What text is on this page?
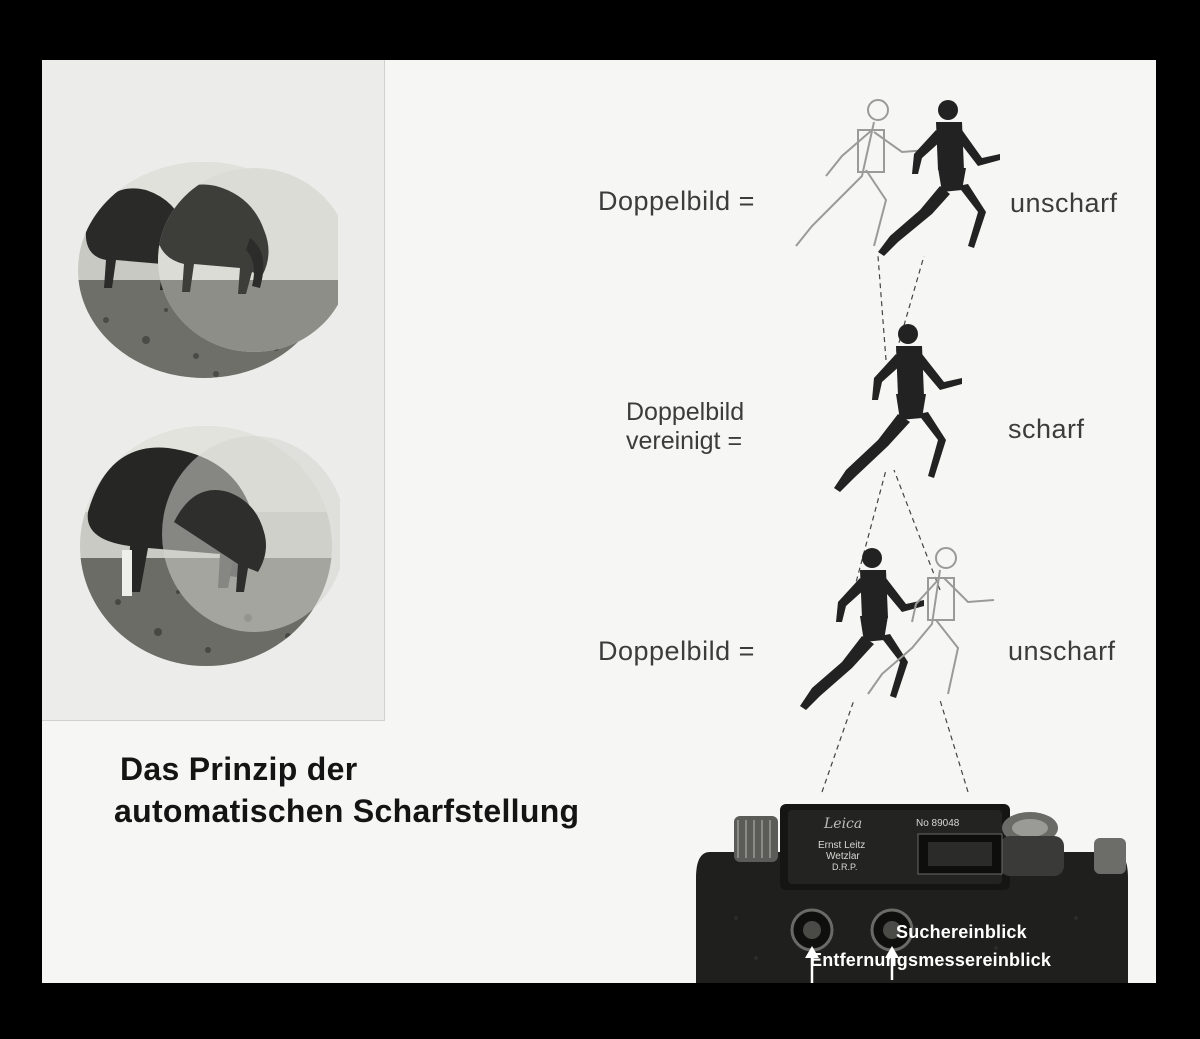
Doppelbild =	unscharf
Doppelbild
vereinigt =	scharf
Doppelbild =	unscharf
Das Prinzip der
automatischen Scharfstellung	Leica	No 89048
Ernst Leitz
Wetzlar
D.R.P.
Suchereinblick
Entfernungsmessereinblick
